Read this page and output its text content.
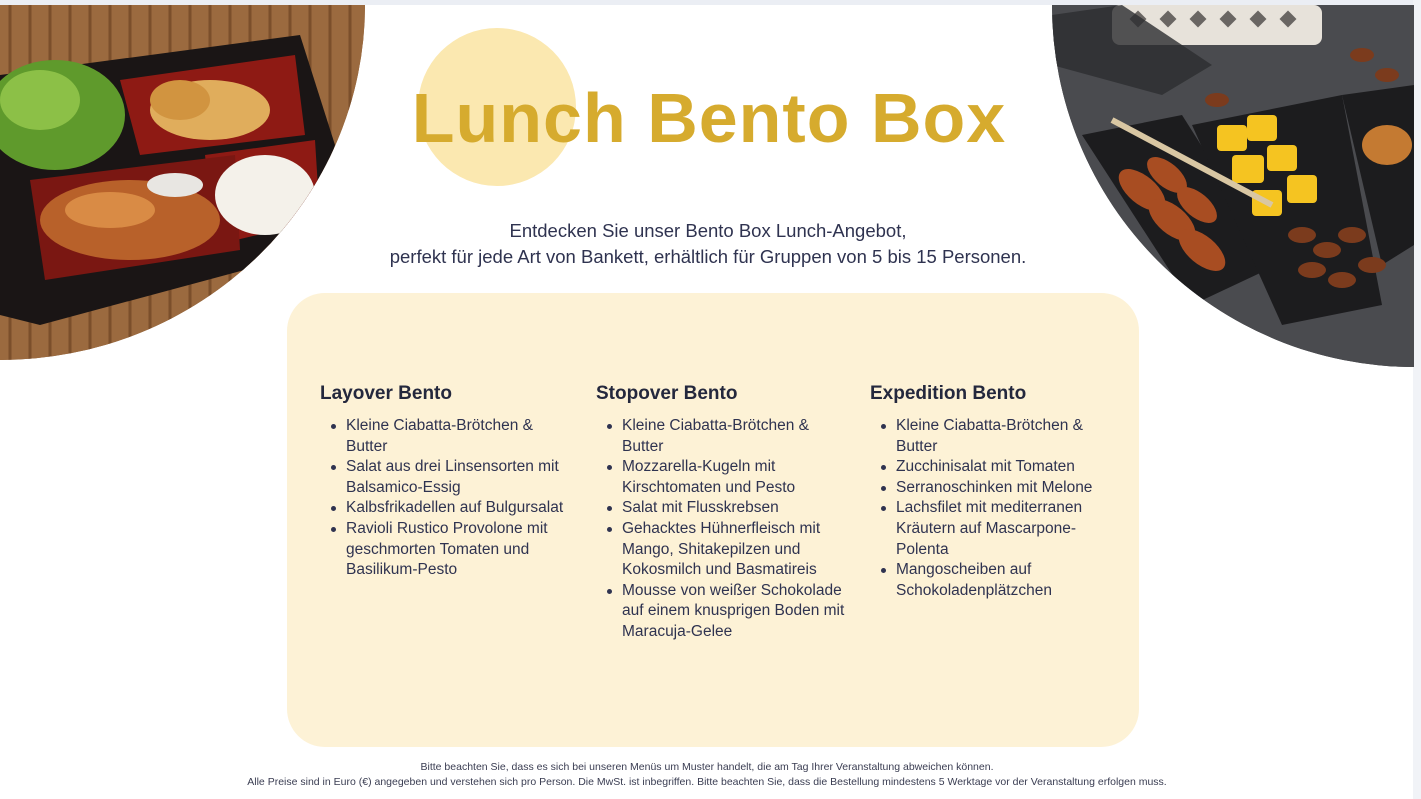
Lunch Bento Box
Entdecken Sie unser Bento Box Lunch-Angebot,
perfekt für jede Art von Bankett, erhältlich für Gruppen von 5 bis 15 Personen.
Layover Bento
Kleine Ciabatta-Brötchen & Butter
Salat aus drei Linsensorten mit Balsamico-Essig
Kalbsfrikadellen auf Bulgursalat
Ravioli Rustico Provolone mit geschmorten Tomaten und Basilikum-Pesto
Stopover Bento
Kleine Ciabatta-Brötchen & Butter
Mozzarella-Kugeln mit Kirschtomaten und Pesto
Salat mit Flusskrebsen
Gehacktes Hühnerfleisch mit Mango, Shitakepilzen und Kokosmilch und Basmatireis
Mousse von weißer Schokolade auf einem knusprigen Boden mit Maracuja-Gelee
Expedition Bento
Kleine Ciabatta-Brötchen & Butter
Zucchinisalat mit Tomaten
Serranoschinken mit Melone
Lachsfilet mit mediterranen Kräutern auf Mascarpone-Polenta
Mangoscheiben auf Schokoladenplätzchen
Bitte beachten Sie, dass es sich bei unseren Menüs um Muster handelt, die am Tag Ihrer Veranstaltung abweichen können.
Alle Preise sind in Euro (€) angegeben und verstehen sich pro Person. Die MwSt. ist inbegriffen. Bitte beachten Sie, dass die Bestellung mindestens 5 Werktage vor der Veranstaltung erfolgen muss.
